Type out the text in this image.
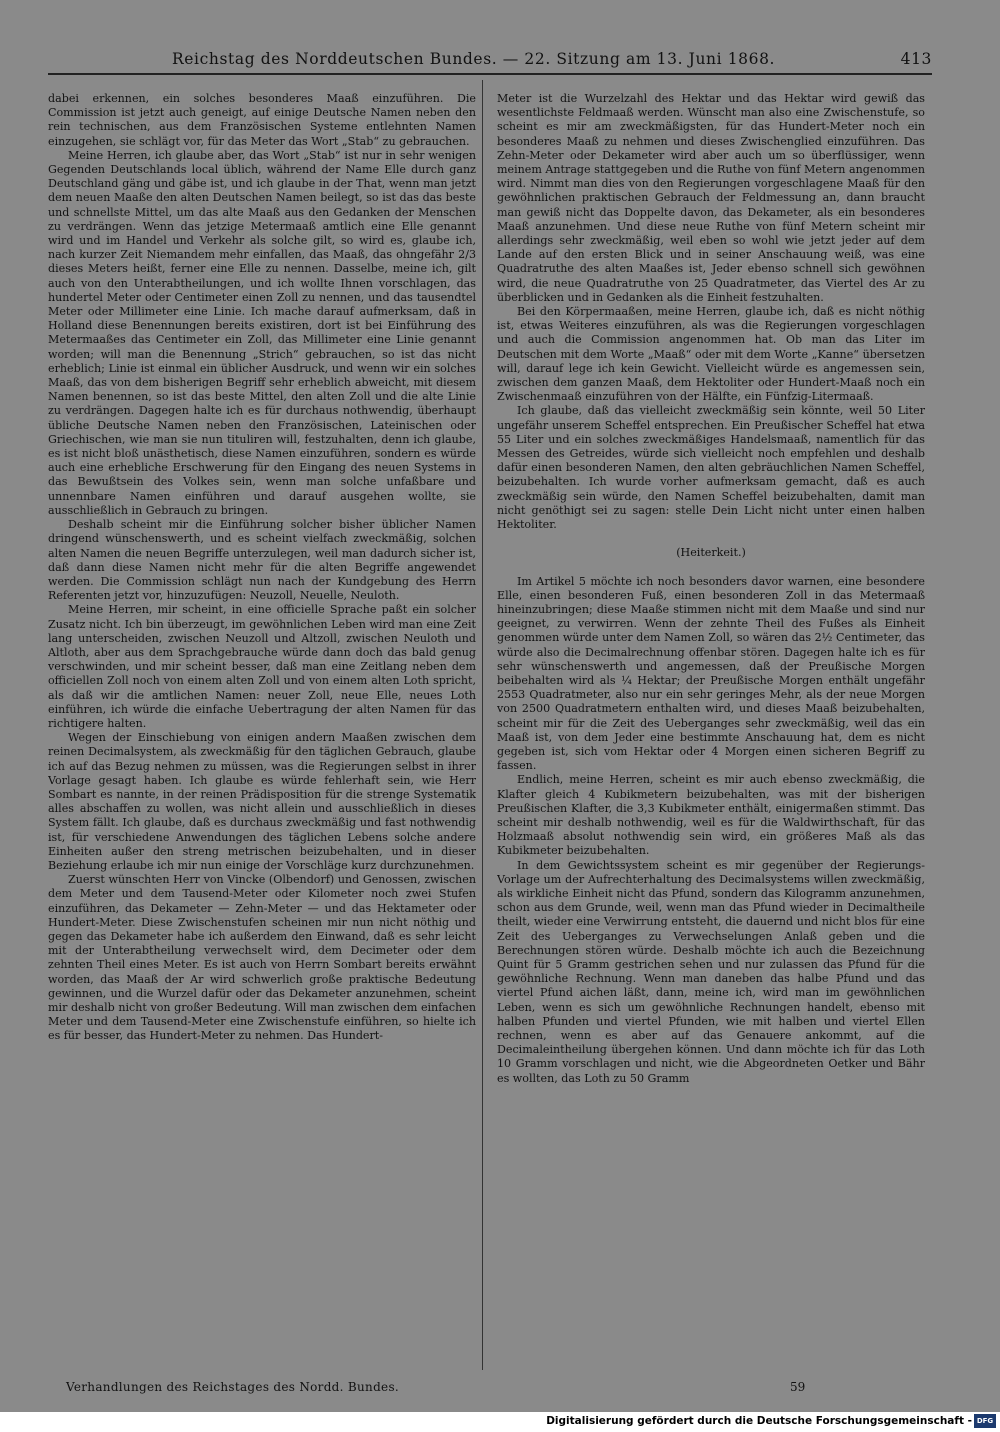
Reichstag des Norddeutschen Bundes. — 22. Sitzung am 13. Juni 1868.	413

dabei erkennen, ein solches besonderes Maaß einzuführen. Die Commission ist jetzt auch geneigt, auf einige Deutsche Namen neben den rein technischen, aus dem Französischen Systeme entlehnten Namen einzugehen, sie schlägt vor, für das Meter das Wort „Stab“ zu gebrauchen.

Meine Herren, ich glaube aber, das Wort „Stab“ ist nur in sehr wenigen Gegenden Deutschlands local üblich, während der Name Elle durch ganz Deutschland gäng und gäbe ist, und ich glaube in der That, wenn man jetzt dem neuen Maaße den alten Deutschen Namen beilegt, so ist das das beste und schnellste Mittel, um das alte Maaß aus den Gedanken der Menschen zu verdrängen. Wenn das jetzige Metermaaß amtlich eine Elle genannt wird und im Handel und Verkehr als solche gilt, so wird es, glaube ich, nach kurzer Zeit Niemandem mehr einfallen, das Maaß, das ohngefähr 2/3 dieses Meters heißt, ferner eine Elle zu nennen. Dasselbe, meine ich, gilt auch von den Unterabtheilungen, und ich wollte Ihnen vorschlagen, das hundertel Meter oder Centimeter einen Zoll zu nennen, und das tausendtel Meter oder Millimeter eine Linie. Ich mache darauf aufmerksam, daß in Holland diese Benennungen bereits existiren, dort ist bei Einführung des Metermaaßes das Centimeter ein Zoll, das Millimeter eine Linie genannt worden; will man die Benennung „Strich“ gebrauchen, so ist das nicht erheblich; Linie ist einmal ein üblicher Ausdruck, und wenn wir ein solches Maaß, das von dem bisherigen Begriff sehr erheblich abweicht, mit diesem Namen benennen, so ist das beste Mittel, den alten Zoll und die alte Linie zu verdrängen. Dagegen halte ich es für durchaus nothwendig, überhaupt übliche Deutsche Namen neben den Französischen, Lateinischen oder Griechischen, wie man sie nun tituliren will, festzuhalten, denn ich glaube, es ist nicht bloß unästhetisch, diese Namen einzuführen, sondern es würde auch eine erhebliche Erschwerung für den Eingang des neuen Systems in das Bewußtsein des Volkes sein, wenn man solche unfaßbare und unnennbare Namen einführen und darauf ausgehen wollte, sie ausschließlich in Gebrauch zu bringen.

Deshalb scheint mir die Einführung solcher bisher üblicher Namen dringend wünschenswerth, und es scheint vielfach zweckmäßig, solchen alten Namen die neuen Begriffe unterzulegen, weil man dadurch sicher ist, daß dann diese Namen nicht mehr für die alten Begriffe angewendet werden. Die Commission schlägt nun nach der Kundgebung des Herrn Referenten jetzt vor, hinzuzufügen: Neuzoll, Neuelle, Neuloth.

Meine Herren, mir scheint, in eine officielle Sprache paßt ein solcher Zusatz nicht. Ich bin überzeugt, im gewöhnlichen Leben wird man eine Zeit lang unterscheiden, zwischen Neuzoll und Altzoll, zwischen Neuloth und Altloth, aber aus dem Sprachgebrauche würde dann doch das bald genug verschwinden, und mir scheint besser, daß man eine Zeitlang neben dem officiellen Zoll noch von einem alten Zoll und von einem alten Loth spricht, als daß wir die amtlichen Namen: neuer Zoll, neue Elle, neues Loth einführen, ich würde die einfache Uebertragung der alten Namen für das richtigere halten.

Wegen der Einschiebung von einigen andern Maaßen zwischen dem reinen Decimalsystem, als zweckmäßig für den täglichen Gebrauch, glaube ich auf das Bezug nehmen zu müssen, was die Regierungen selbst in ihrer Vorlage gesagt haben. Ich glaube es würde fehlerhaft sein, wie Herr Sombart es nannte, in der reinen Prädisposition für die strenge Systematik alles abschaffen zu wollen, was nicht allein und ausschließlich in dieses System fällt. Ich glaube, daß es durchaus zweckmäßig und fast nothwendig ist, für verschiedene Anwendungen des täglichen Lebens solche andere Einheiten außer den streng metrischen beizubehalten, und in dieser Beziehung erlaube ich mir nun einige der Vorschläge kurz durchzunehmen.

Zuerst wünschten Herr von Vincke (Olbendorf) und Genossen, zwischen dem Meter und dem Tausend-Meter oder Kilometer noch zwei Stufen einzuführen, das Dekameter — Zehn-Meter — und das Hektameter oder Hundert-Meter. Diese Zwischenstufen scheinen mir nun nicht nöthig und gegen das Dekameter habe ich außerdem den Einwand, daß es sehr leicht mit der Unterabtheilung verwechselt wird, dem Decimeter oder dem zehnten Theil eines Meter. Es ist auch von Herrn Sombart bereits erwähnt worden, das Maaß der Ar wird schwerlich große praktische Bedeutung gewinnen, und die Wurzel dafür oder das Dekameter anzunehmen, scheint mir deshalb nicht von großer Bedeutung. Will man zwischen dem einfachen Meter und dem Tausend-Meter eine Zwischenstufe einführen, so hielte ich es für besser, das Hundert-Meter zu nehmen. Das Hundert-

Meter ist die Wurzelzahl des Hektar und das Hektar wird gewiß das wesentlichste Feldmaaß werden. Wünscht man also eine Zwischenstufe, so scheint es mir am zweckmäßigsten, für das Hundert-Meter noch ein besonderes Maaß zu nehmen und dieses Zwischenglied einzuführen. Das Zehn-Meter oder Dekameter wird aber auch um so überflüssiger, wenn meinem Antrage stattgegeben und die Ruthe von fünf Metern angenommen wird. Nimmt man dies von den Regierungen vorgeschlagene Maaß für den gewöhnlichen praktischen Gebrauch der Feldmessung an, dann braucht man gewiß nicht das Doppelte davon, das Dekameter, als ein besonderes Maaß anzunehmen. Und diese neue Ruthe von fünf Metern scheint mir allerdings sehr zweckmäßig, weil eben so wohl wie jetzt jeder auf dem Lande auf den ersten Blick und in seiner Anschauung weiß, was eine Quadratruthe des alten Maaßes ist, Jeder ebenso schnell sich gewöhnen wird, die neue Quadratruthe von 25 Quadratmeter, das Viertel des Ar zu überblicken und in Gedanken als die Einheit festzuhalten.

Bei den Körpermaaßen, meine Herren, glaube ich, daß es nicht nöthig ist, etwas Weiteres einzuführen, als was die Regierungen vorgeschlagen und auch die Commission angenommen hat. Ob man das Liter im Deutschen mit dem Worte „Maaß“ oder mit dem Worte „Kanne“ übersetzen will, darauf lege ich kein Gewicht. Vielleicht würde es angemessen sein, zwischen dem ganzen Maaß, dem Hektoliter oder Hundert-Maaß noch ein Zwischenmaaß einzuführen von der Hälfte, ein Fünfzig-Litermaaß.

Ich glaube, daß das vielleicht zweckmäßig sein könnte, weil 50 Liter ungefähr unserem Scheffel entsprechen. Ein Preußischer Scheffel hat etwa 55 Liter und ein solches zweckmäßiges Handelsmaaß, namentlich für das Messen des Getreides, würde sich vielleicht noch empfehlen und deshalb dafür einen besonderen Namen, den alten gebräuchlichen Namen Scheffel, beizubehalten. Ich wurde vorher aufmerksam gemacht, daß es auch zweckmäßig sein würde, den Namen Scheffel beizubehalten, damit man nicht genöthigt sei zu sagen: stelle Dein Licht nicht unter einen halben Hektoliter.

(Heiterkeit.)

Im Artikel 5 möchte ich noch besonders davor warnen, eine besondere Elle, einen besonderen Fuß, einen besonderen Zoll in das Metermaaß hineinzubringen; diese Maaße stimmen nicht mit dem Maaße und sind nur geeignet, zu verwirren. Wenn der zehnte Theil des Fußes als Einheit genommen würde unter dem Namen Zoll, so wären das 2½ Centimeter, das würde also die Decimalrechnung offenbar stören. Dagegen halte ich es für sehr wünschenswerth und angemessen, daß der Preußische Morgen beibehalten wird als ¼ Hektar; der Preußische Morgen enthält ungefähr 2553 Quadratmeter, also nur ein sehr geringes Mehr, als der neue Morgen von 2500 Quadratmetern enthalten wird, und dieses Maaß beizubehalten, scheint mir für die Zeit des Ueberganges sehr zweckmäßig, weil das ein Maaß ist, von dem Jeder eine bestimmte Anschauung hat, dem es nicht gegeben ist, sich vom Hektar oder 4 Morgen einen sicheren Begriff zu fassen.

Endlich, meine Herren, scheint es mir auch ebenso zweckmäßig, die Klafter gleich 4 Kubikmetern beizubehalten, was mit der bisherigen Preußischen Klafter, die 3,3 Kubikmeter enthält, einigermaßen stimmt. Das scheint mir deshalb nothwendig, weil es für die Waldwirthschaft, für das Holzmaaß absolut nothwendig sein wird, ein größeres Maß als das Kubikmeter beizubehalten.

In dem Gewichtssystem scheint es mir gegenüber der Regierungs-Vorlage um der Aufrechterhaltung des Decimalsystems willen zweckmäßig, als wirkliche Einheit nicht das Pfund, sondern das Kilogramm anzunehmen, schon aus dem Grunde, weil, wenn man das Pfund wieder in Decimaltheile theilt, wieder eine Verwirrung entsteht, die dauernd und nicht blos für eine Zeit des Ueberganges zu Verwechselungen Anlaß geben und die Berechnungen stören würde. Deshalb möchte ich auch die Bezeichnung Quint für 5 Gramm gestrichen sehen und nur zulassen das Pfund für die gewöhnliche Rechnung. Wenn man daneben das halbe Pfund und das viertel Pfund aichen läßt, dann, meine ich, wird man im gewöhnlichen Leben, wenn es sich um gewöhnliche Rechnungen handelt, ebenso mit halben Pfunden und viertel Pfunden, wie mit halben und viertel Ellen rechnen, wenn es aber auf das Genauere ankommt, auf die Decimaleintheilung übergehen können. Und dann möchte ich für das Loth 10 Gramm vorschlagen und nicht, wie die Abgeordneten Oetker und Bähr es wollten, das Loth zu 50 Gramm

Verhandlungen des Reichstages des Nordd. Bundes.	59
Digitalisierung gefördert durch die Deutsche Forschungsgemeinschaft - DFG
